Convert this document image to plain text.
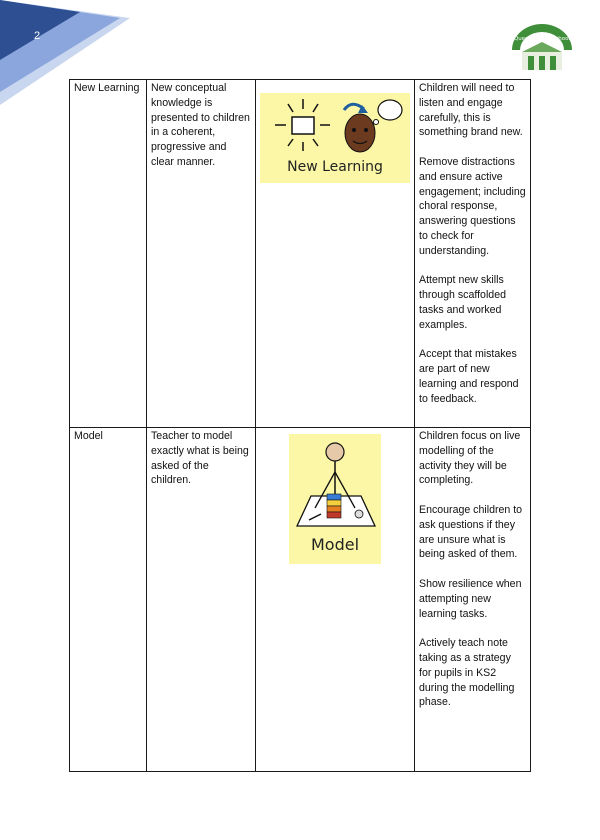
2	Queen's Park School
New Learning	New conceptual knowledge is presented to children in a coherent, progressive and clear manner.	New Learning	Children will need to listen and engage carefully, this is something brand new.
Remove distractions and ensure active engagement; including choral response, answering questions to check for understanding.
Attempt new skills through scaffolded tasks and worked examples.
Accept that mistakes are part of new learning and respond to feedback.

Model	Teacher to model exactly what is being asked of the children.	Model	Children focus on live modelling of the activity they will be completing.
Encourage children to ask questions if they are unsure what is being asked of them.
Show resilience when attempting new learning tasks.
Actively teach note taking as a strategy for pupils in KS2 during the modelling phase.
